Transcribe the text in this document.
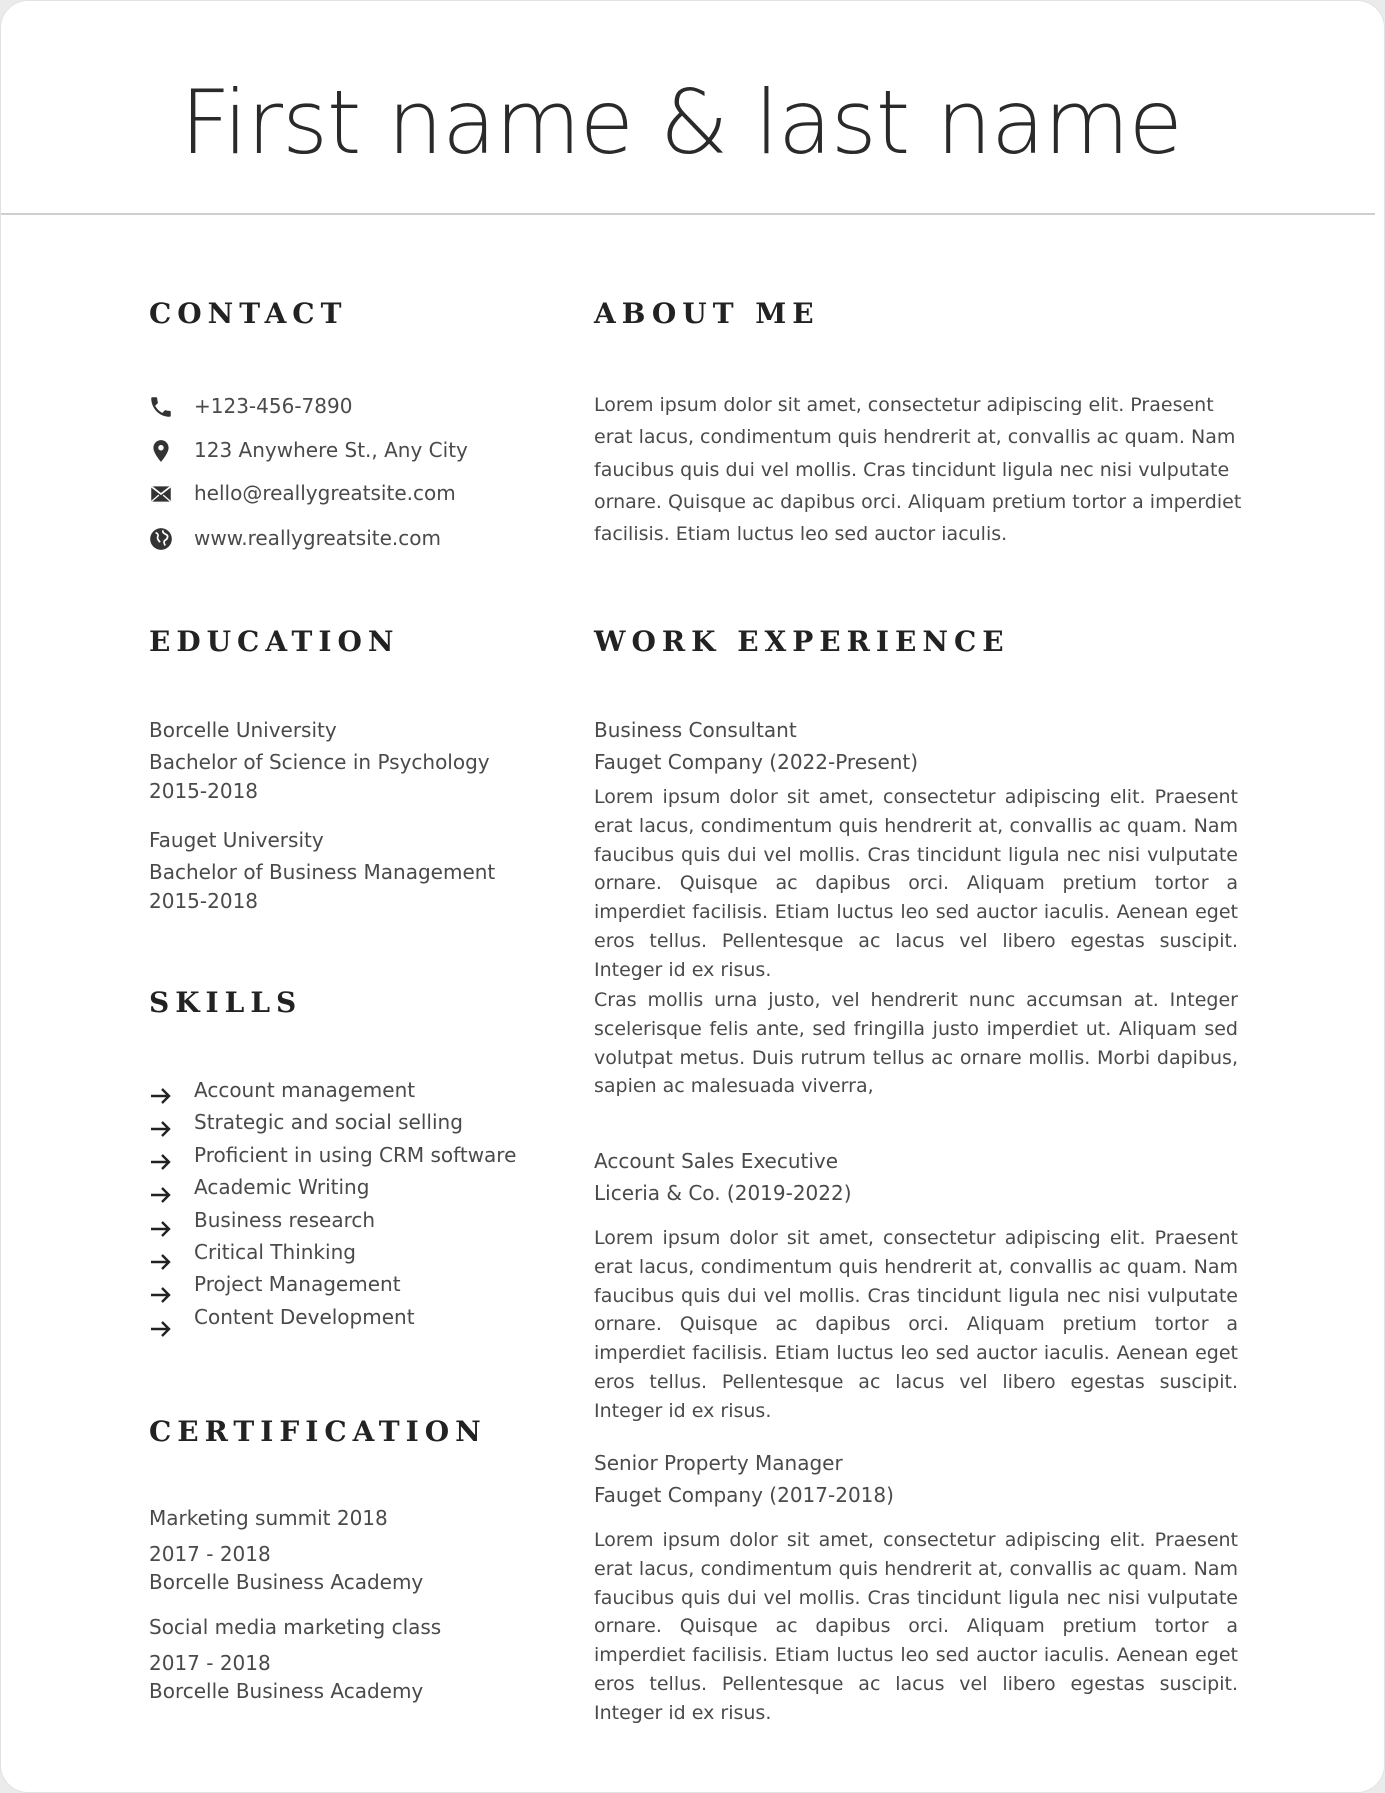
First name & last name
CONTACT
+123-456-7890
123 Anywhere St., Any City
hello@reallygreatsite.com
www.reallygreatsite.com
ABOUT ME

Lorem ipsum dolor sit amet, consectetur adipiscing elit. Praesent erat lacus, condimentum quis hendrerit at, convallis ac quam. Nam faucibus quis dui vel mollis. Cras tincidunt ligula nec nisi vulputate ornare. Quisque ac dapibus orci. Aliquam pretium tortor a imperdiet facilisis. Etiam luctus leo sed auctor iaculis.

EDUCATION
Borcelle University
Bachelor of Science in Psychology
2015-2018
Fauget University
Bachelor of Business Management
2015-2018
SKILLS
Account management
Strategic and social selling
Proficient in using CRM software
Academic Writing
Business research
Critical Thinking
Project Management
Content Development
CERTIFICATION
Marketing summit 2018
2017 - 2018
Borcelle Business Academy
Social media marketing class
2017 - 2018
Borcelle Business Academy
WORK EXPERIENCE
Business Consultant
Fauget Company (2022-Present)

Lorem ipsum dolor sit amet, consectetur adipiscing elit. Praesent erat lacus, condimentum quis hendrerit at, convallis ac quam. Nam faucibus quis dui vel mollis. Cras tincidunt ligula nec nisi vulputate ornare. Quisque ac dapibus orci. Aliquam pretium tortor a imperdiet facilisis. Etiam luctus leo sed auctor iaculis. Aenean eget eros tellus. Pellentesque ac lacus vel libero egestas suscipit. Integer id ex risus.

Cras mollis urna justo, vel hendrerit nunc accumsan at. Integer scelerisque felis ante, sed fringilla justo imperdiet ut. Aliquam sed volutpat metus. Duis rutrum tellus ac ornare mollis. Morbi dapibus, sapien ac malesuada viverra,

Account Sales Executive
Liceria & Co. (2019-2022)

Lorem ipsum dolor sit amet, consectetur adipiscing elit. Praesent erat lacus, condimentum quis hendrerit at, convallis ac quam. Nam faucibus quis dui vel mollis. Cras tincidunt ligula nec nisi vulputate ornare. Quisque ac dapibus orci. Aliquam pretium tortor a imperdiet facilisis. Etiam luctus leo sed auctor iaculis. Aenean eget eros tellus. Pellentesque ac lacus vel libero egestas suscipit. Integer id ex risus.

Senior Property Manager
Fauget Company (2017-2018)

Lorem ipsum dolor sit amet, consectetur adipiscing elit. Praesent erat lacus, condimentum quis hendrerit at, convallis ac quam. Nam faucibus quis dui vel mollis. Cras tincidunt ligula nec nisi vulputate ornare. Quisque ac dapibus orci. Aliquam pretium tortor a imperdiet facilisis. Etiam luctus leo sed auctor iaculis. Aenean eget eros tellus. Pellentesque ac lacus vel libero egestas suscipit. Integer id ex risus.
